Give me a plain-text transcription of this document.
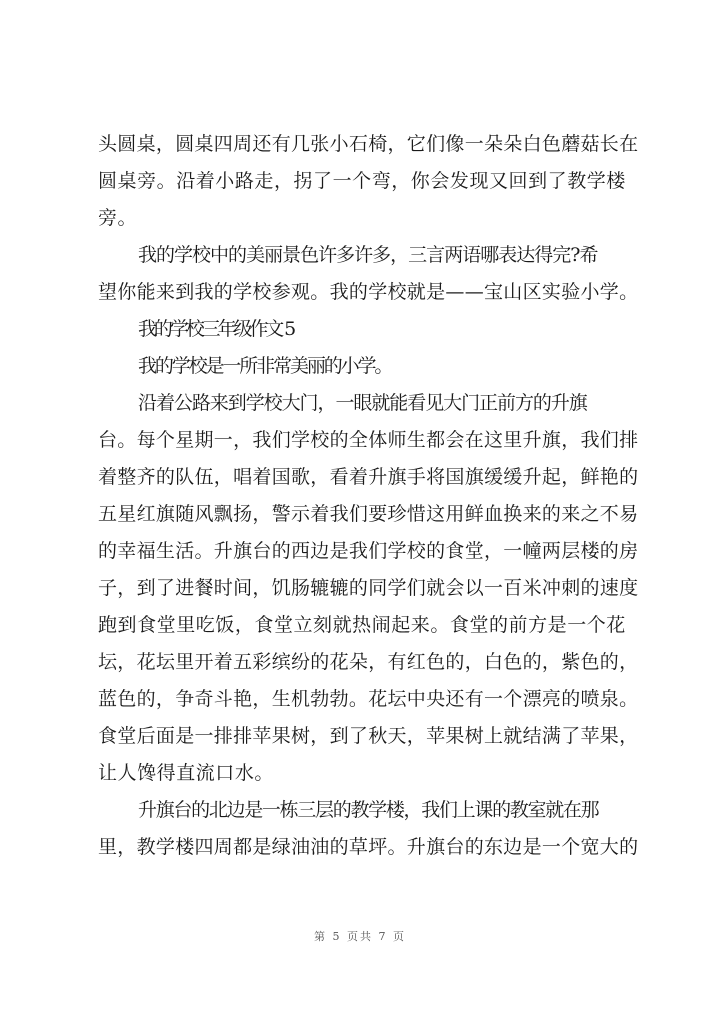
头圆桌，圆桌四周还有几张小石椅，它们像一朵朵白色蘑菇长在
圆桌旁。沿着小路走，拐了一个弯，你会发现又回到了教学楼
旁。
我的学校中的美丽景色许多许多，三言两语哪表达得完?希
望你能来到我的学校参观。我的学校就是——宝山区实验小学。
我的学校三年级作文 5
我的学校是一所非常美丽的小学。
沿着公路来到学校大门，一眼就能看见大门正前方的升旗
台。每个星期一，我们学校的全体师生都会在这里升旗，我们排
着整齐的队伍，唱着国歌，看着升旗手将国旗缓缓升起，鲜艳的
五星红旗随风飘扬，警示着我们要珍惜这用鲜血换来的来之不易
的幸福生活。升旗台的西边是我们学校的食堂，一幢两层楼的房
子，到了进餐时间，饥肠辘辘的同学们就会以一百米冲刺的速度
跑到食堂里吃饭，食堂立刻就热闹起来。食堂的前方是一个花
坛，花坛里开着五彩缤纷的花朵，有红色的，白色的，紫色的，
蓝色的，争奇斗艳，生机勃勃。花坛中央还有一个漂亮的喷泉。
食堂后面是一排排苹果树，到了秋天，苹果树上就结满了苹果，
让人馋得直流口水。
升旗台的北边是一栋三层的教学楼，我们上课的教室就在那
里，教学楼四周都是绿油油的草坪。升旗台的东边是一个宽大的
第 5 页共 7 页
